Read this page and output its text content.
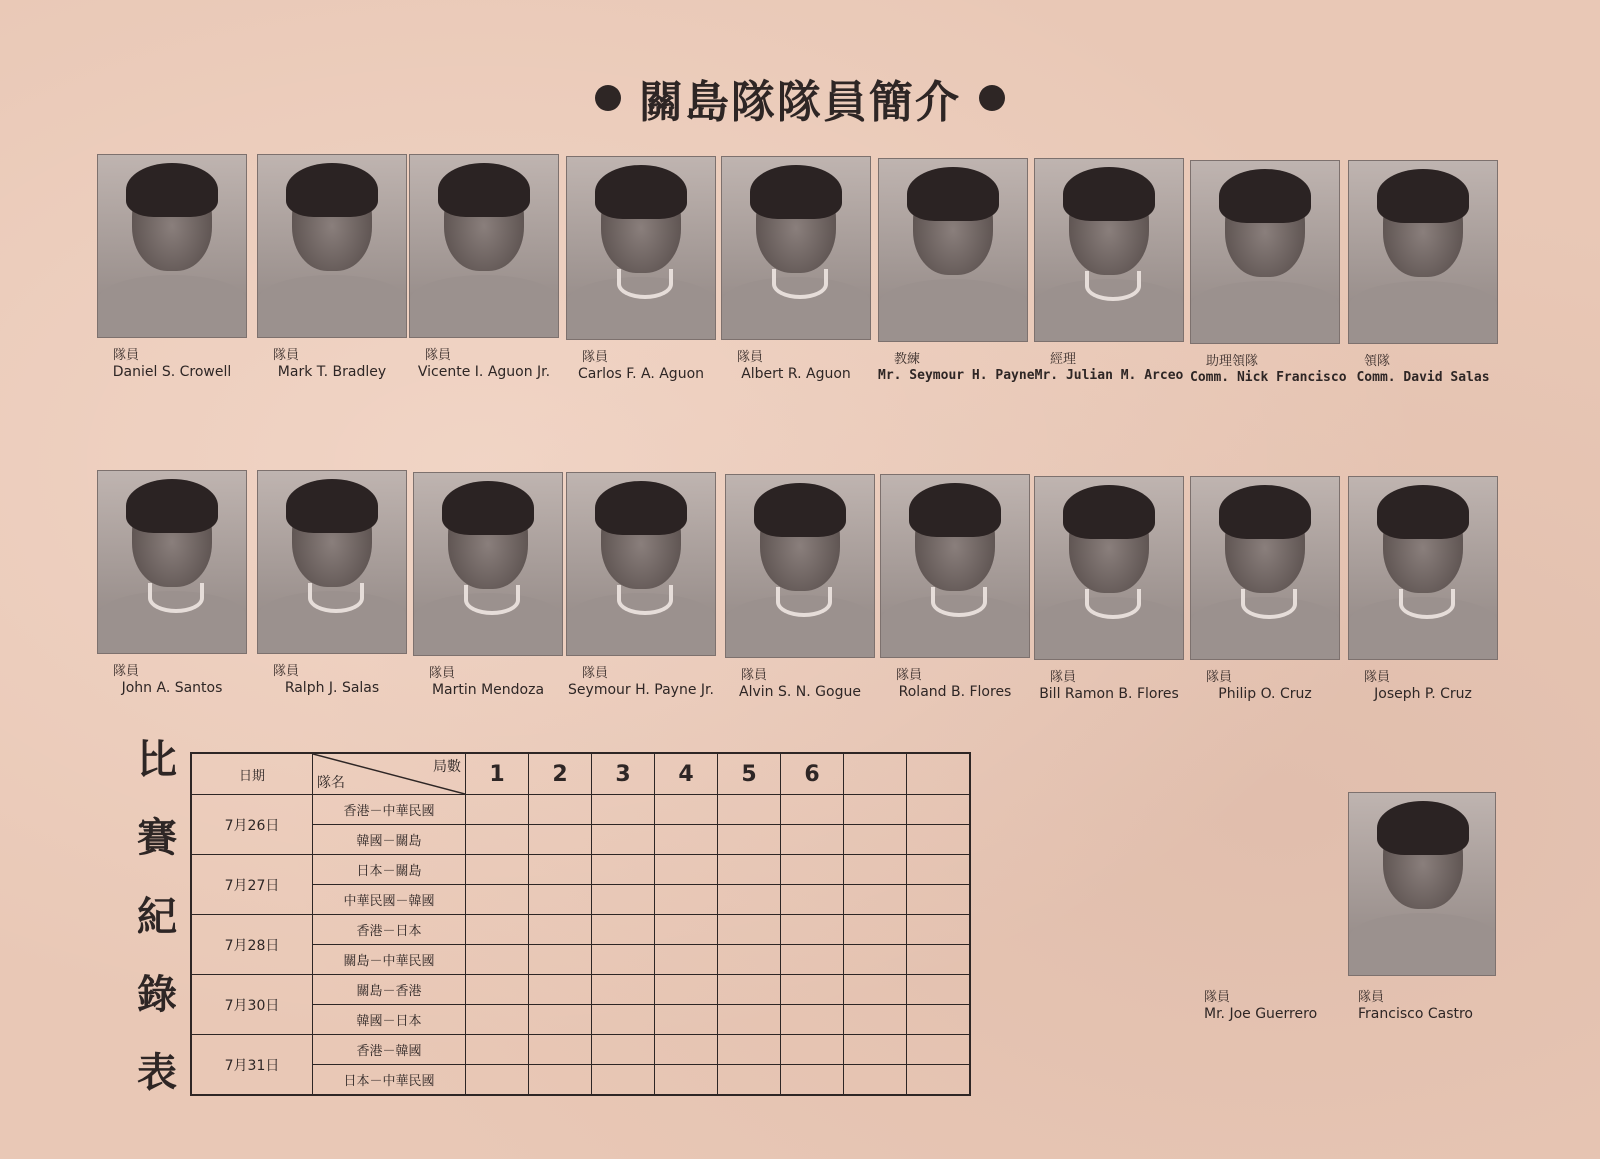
關島隊隊員簡介
隊員
Daniel S. Crowell
隊員
Mark T. Bradley
隊員
Vicente I. Aguon Jr.
隊員
Carlos F. A. Aguon
隊員
Albert R. Aguon
教練
Mr. Seymour H. Payne
經理
Mr. Julian M. Arceo
助理領隊
Comm. Nick Francisco
領隊
Comm. David Salas
隊員
John A. Santos
隊員
Ralph J. Salas
隊員
Martin Mendoza
隊員
Seymour H. Payne Jr.
隊員
Alvin S. N. Gogue
隊員
Roland B. Flores
隊員
Bill Ramon B. Flores
隊員
Philip O. Cruz
隊員
Joseph P. Cruz
隊員
Mr. Joe Guerrero
隊員
Francisco Castro
比
賽
紀
錄
表
日期	隊名
局數	1	2	3	4	5	6		
7月26日	香港－中華民國								
	韓國－關島								
7月27日	日本－關島								
	中華民國－韓國								
7月28日	香港－日本								
	關島－中華民國								
7月30日	關島－香港								
	韓國－日本								
7月31日	香港－韓國								
	日本－中華民國								
